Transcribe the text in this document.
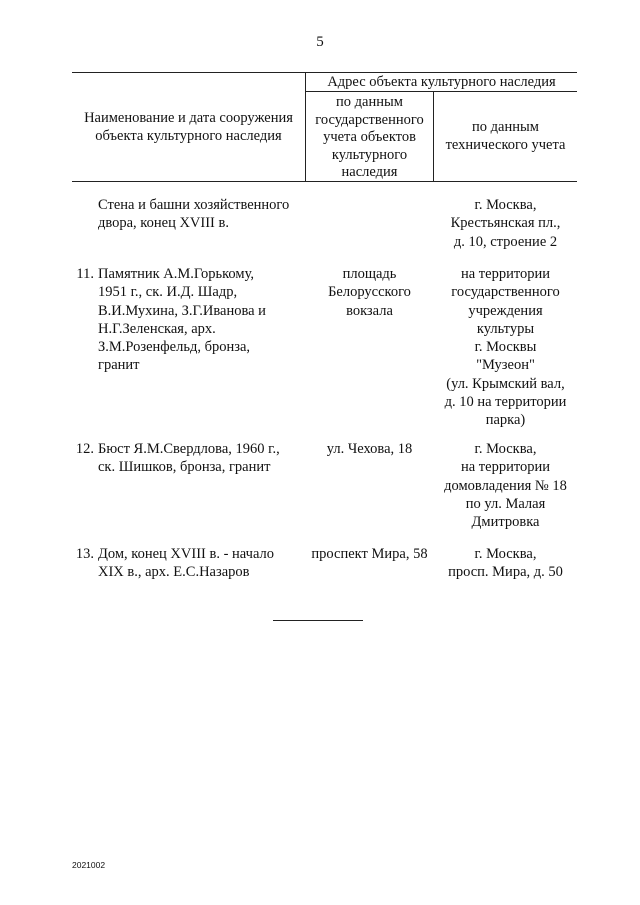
5
Наименование и дата сооружения
объекта культурного наследия
Адрес объекта культурного наследия
по данным
государственного
учета объектов
культурного
наследия
по данным
технического учета
Стена и башни хозяйственного
двора, конец XVIII в.
г. Москва,
Крестьянская пл.,
д. 10, строение 2
11. Памятник А.М.Горькому,
1951 г., ск. И.Д. Шадр,
В.И.Мухина, З.Г.Иванова и
Н.Г.Зеленская, арх.
З.М.Розенфельд, бронза,
гранит
площадь
Белорусского
вокзала
на территории
государственного
учреждения
культуры
г. Москвы
"Музеон"
(ул. Крымский вал,
д. 10 на территории
парка)
12. Бюст Я.М.Свердлова, 1960 г.,
ск. Шишков, бронза, гранит
ул. Чехова, 18	г. Москва,
на территории
домовладения № 18
по ул. Малая
Дмитровка
13. Дом, конец XVIII в. - начало
XIX в., арх. Е.С.Назаров
проспект Мира, 58	г. Москва,
просп. Мира, д. 50
2021002
